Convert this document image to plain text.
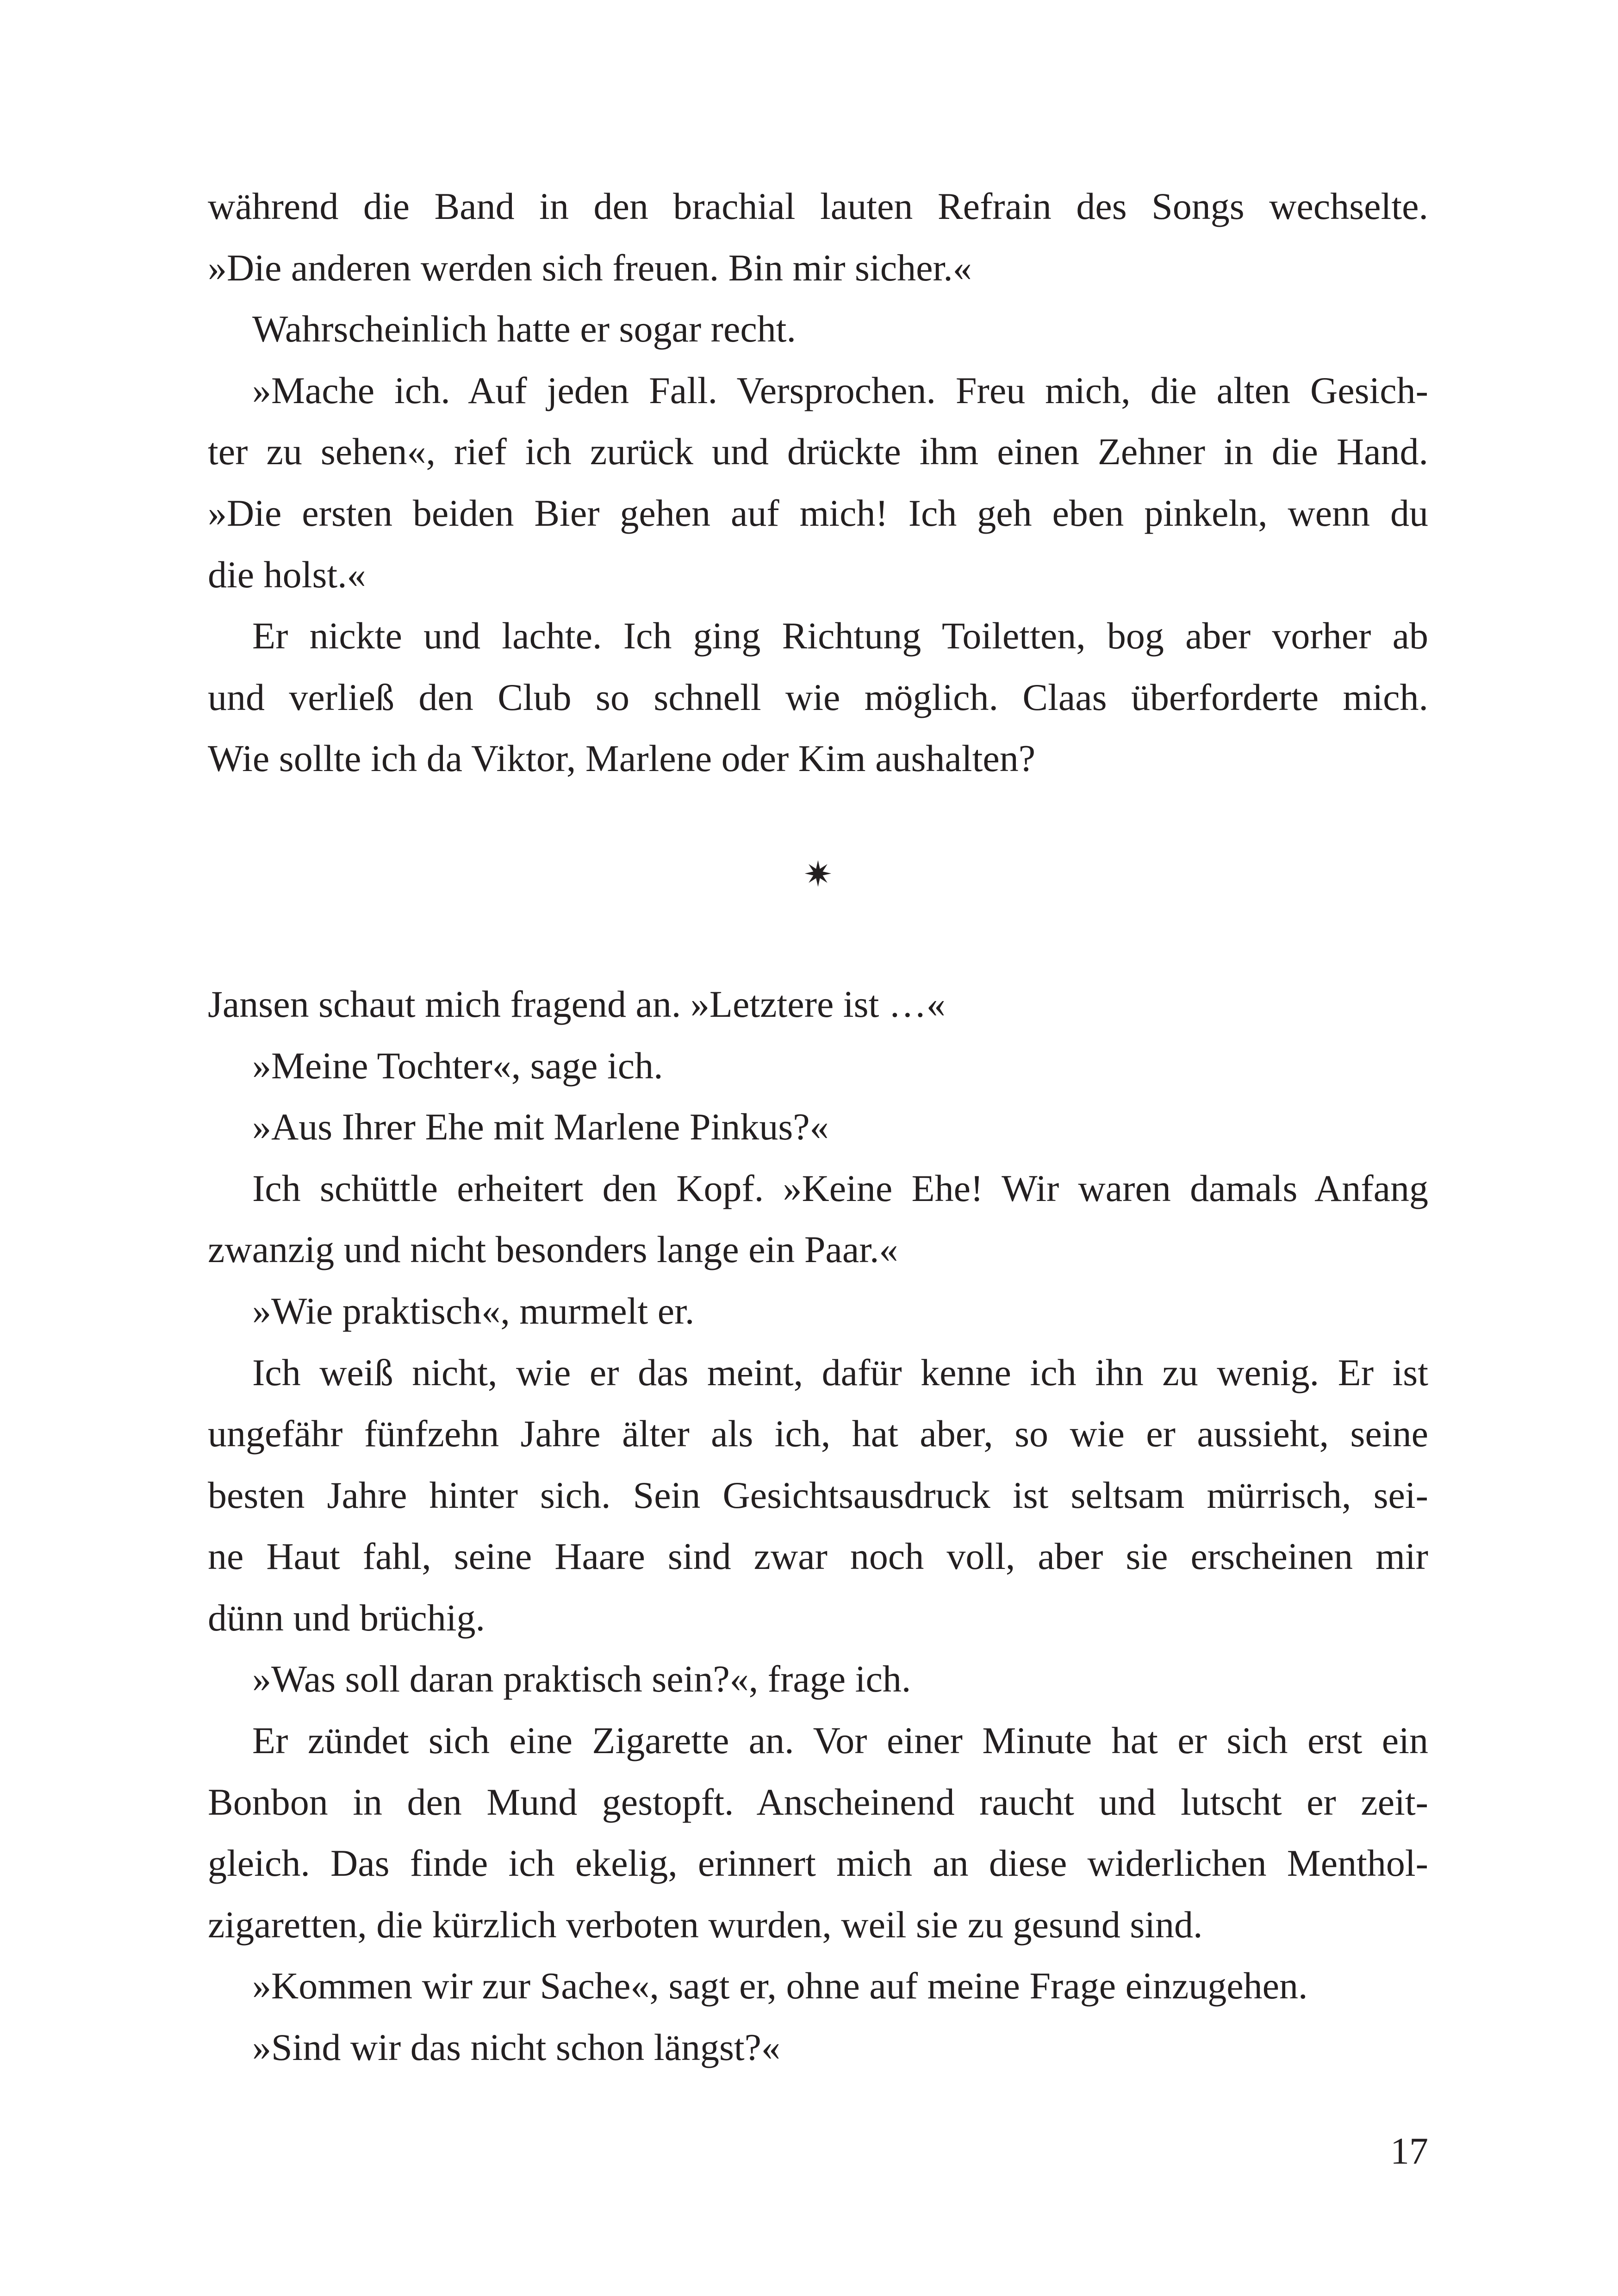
während die Band in den brachial lauten Refrain des Songs wechselte.
»Die anderen werden sich freuen. Bin mir sicher.«
Wahrscheinlich hatte er sogar recht.
»Mache ich. Auf jeden Fall. Versprochen. Freu mich, die alten Gesich-
ter zu sehen«, rief ich zurück und drückte ihm einen Zehner in die Hand.
»Die ersten beiden Bier gehen auf mich! Ich geh eben pinkeln, wenn du
die holst.«
Er nickte und lachte. Ich ging Richtung Toiletten, bog aber vorher ab
und verließ den Club so schnell wie möglich. Claas überforderte mich.
Wie sollte ich da Viktor, Marlene oder Kim aushalten?
✷
Jansen schaut mich fragend an. »Letztere ist …«
»Meine Tochter«, sage ich.
»Aus Ihrer Ehe mit Marlene Pinkus?«
Ich schüttle erheitert den Kopf. »Keine Ehe! Wir waren damals Anfang
zwanzig und nicht besonders lange ein Paar.«
»Wie praktisch«, murmelt er.
Ich weiß nicht, wie er das meint, dafür kenne ich ihn zu wenig. Er ist
ungefähr fünfzehn Jahre älter als ich, hat aber, so wie er aussieht, seine
besten Jahre hinter sich. Sein Gesichtsausdruck ist seltsam mürrisch, sei-
ne Haut fahl, seine Haare sind zwar noch voll, aber sie erscheinen mir
dünn und brüchig.
»Was soll daran praktisch sein?«, frage ich.
Er zündet sich eine Zigarette an. Vor einer Minute hat er sich erst ein
Bonbon in den Mund gestopft. Anscheinend raucht und lutscht er zeit-
gleich. Das finde ich ekelig, erinnert mich an diese widerlichen Menthol-
zigaretten, die kürzlich verboten wurden, weil sie zu gesund sind.
»Kommen wir zur Sache«, sagt er, ohne auf meine Frage einzugehen.
»Sind wir das nicht schon längst?«
17
